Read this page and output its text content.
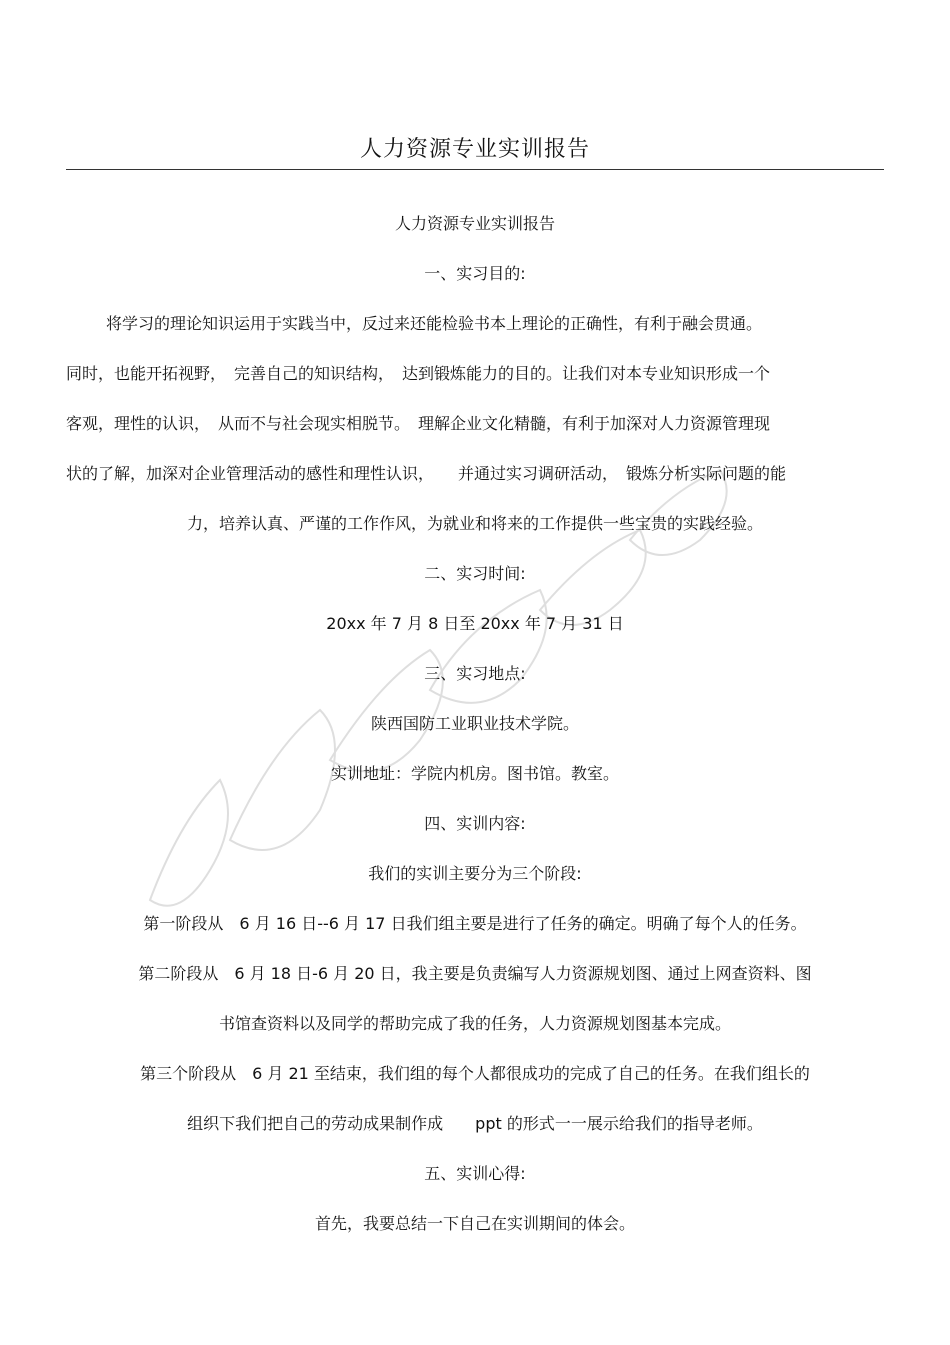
人力资源专业实训报告
人力资源专业实训报告
一、实习目的:
将学习的理论知识运用于实践当中，反过来还能检验书本上理论的正确性，有利于融会贯通。
同时，也能开拓视野，　完善自己的知识结构，　达到锻炼能力的目的。让我们对本专业知识形成一个
客观，理性的认识，　从而不与社会现实相脱节。　理解企业文化精髓，有利于加深对人力资源管理现
状的了解，加深对企业管理活动的感性和理性认识，　　并通过实习调研活动，　锻炼分析实际问题的能
力，培养认真、严谨的工作作风，为就业和将来的工作提供一些宝贵的实践经验。
二、实习时间:
20xx 年 7 月 8 日至 20xx 年 7 月 31 日
三、实习地点:
陕西国防工业职业技术学院。
实训地址：学院内机房。图书馆。教室。
四、实训内容:
我们的实训主要分为三个阶段:
第一阶段从　6 月 16 日--6 月 17 日我们组主要是进行了任务的确定。明确了每个人的任务。
第二阶段从　6 月 18 日-6 月 20 日，我主要是负责编写人力资源规划图、通过上网查资料、图
书馆查资料以及同学的帮助完成了我的任务，人力资源规划图基本完成。
第三个阶段从　6 月 21 至结束，我们组的每个人都很成功的完成了自己的任务。在我们组长的
组织下我们把自己的劳动成果制作成　　ppt 的形式一一展示给我们的指导老师。
五、实训心得:
首先，我要总结一下自己在实训期间的体会。
